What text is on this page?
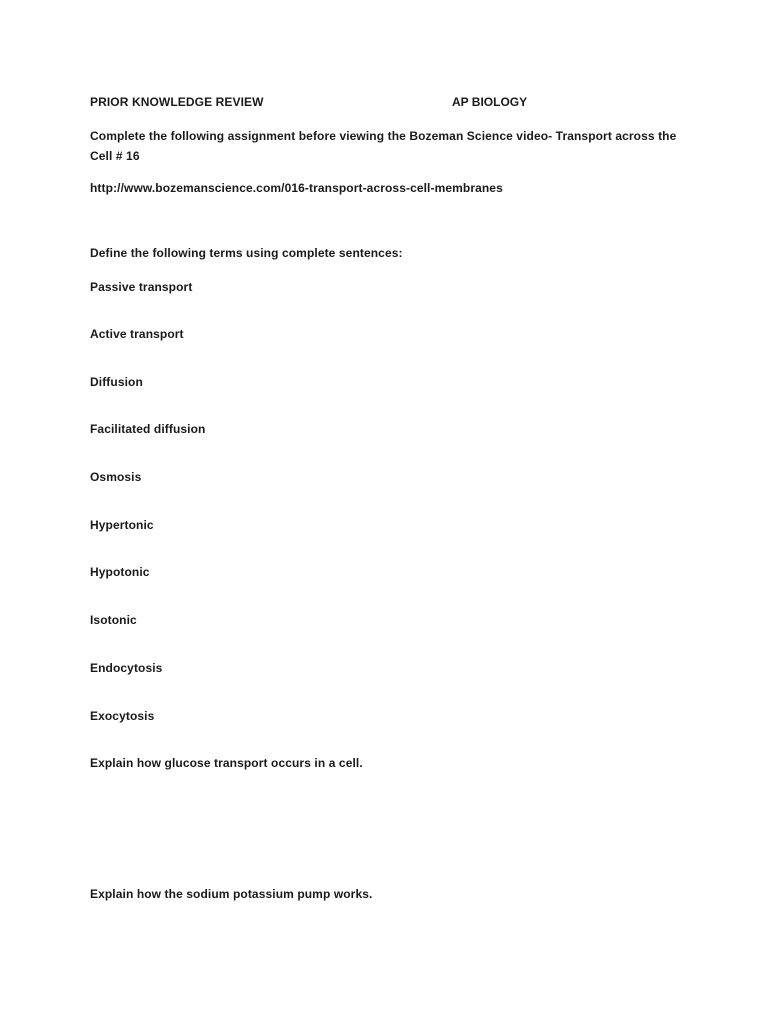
PRIOR KNOWLEDGE REVIEW	AP BIOLOGY
Complete the following assignment before viewing the Bozeman Science video- Transport across the Cell # 16
http://www.bozemanscience.com/016-transport-across-cell-membranes
Define the following terms using complete sentences:
Passive transport
Active transport
Diffusion
Facilitated diffusion
Osmosis
Hypertonic
Hypotonic
Isotonic
Endocytosis
Exocytosis
Explain how glucose transport occurs in a cell.
Explain how the sodium potassium pump works.
